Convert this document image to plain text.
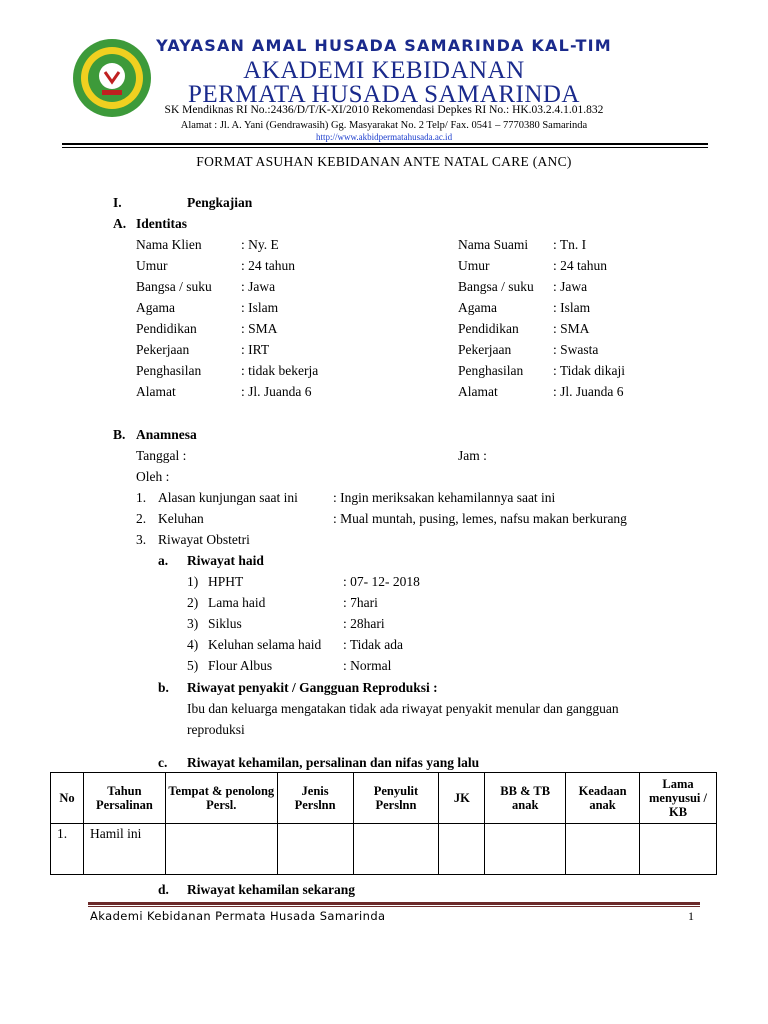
YAYASAN AMAL HUSADA SAMARINDA KAL-TIM
AKADEMI KEBIDANAN
PERMATA HUSADA SAMARINDA
SK Mendiknas RI No.:2436/D/T/K-XI/2010 Rekomendasi Depkes RI No.: HK.03.2.4.1.01.832
Alamat : Jl. A. Yani (Gendrawasih) Gg. Masyarakat No. 2 Telp/ Fax. 0541 – 7770380 Samarinda
http://www.akbidpermatahusada.ac.id
FORMAT ASUHAN KEBIDANAN ANTE NATAL CARE (ANC)
I.	Pengkajian
A. Identitas
Nama Klien	: Ny. E
Umur	: 24 tahun
Bangsa / suku : Jawa
Agama	: Islam
Pendidikan	: SMA
Pekerjaan	: IRT
Penghasilan	: tidak bekerja
Alamat	: Jl. Juanda 6
Nama Suami : Tn. I
Umur	: 24 tahun
Bangsa / suku : Jawa
Agama	: Islam
Pendidikan	: SMA
Pekerjaan	: Swasta
Penghasilan : Tidak dikaji
Alamat	: Jl. Juanda 6
B. Anamnesa
Tanggal :	Jam :
Oleh :
1. Alasan kunjungan saat ini	: Ingin meriksakan kehamilannya saat ini
2. Keluhan	: Mual muntah, pusing, lemes, nafsu makan berkurang
3. Riwayat Obstetri
a. Riwayat haid
1) HPHT	: 07- 12- 2018
2) Lama haid	: 7hari
3) Siklus	: 28hari
4) Keluhan selama haid : Tidak ada
5) Flour Albus	: Normal
b. Riwayat penyakit / Gangguan Reproduksi :
Ibu dan keluarga mengatakan tidak ada riwayat penyakit menular dan gangguan
reproduksi
c. Riwayat kehamilan, persalinan dan nifas yang lalu
No	Tahun Persalinan	Tempat & penolong Persl.	Jenis Perslnn	Penyulit Perslnn	JK	BB & TB anak	Keadaan anak	Lama menyusui / KB
1.	Hamil ini							
d. Riwayat kehamilan sekarang
Akademi Kebidanan Permata Husada Samarinda	1
